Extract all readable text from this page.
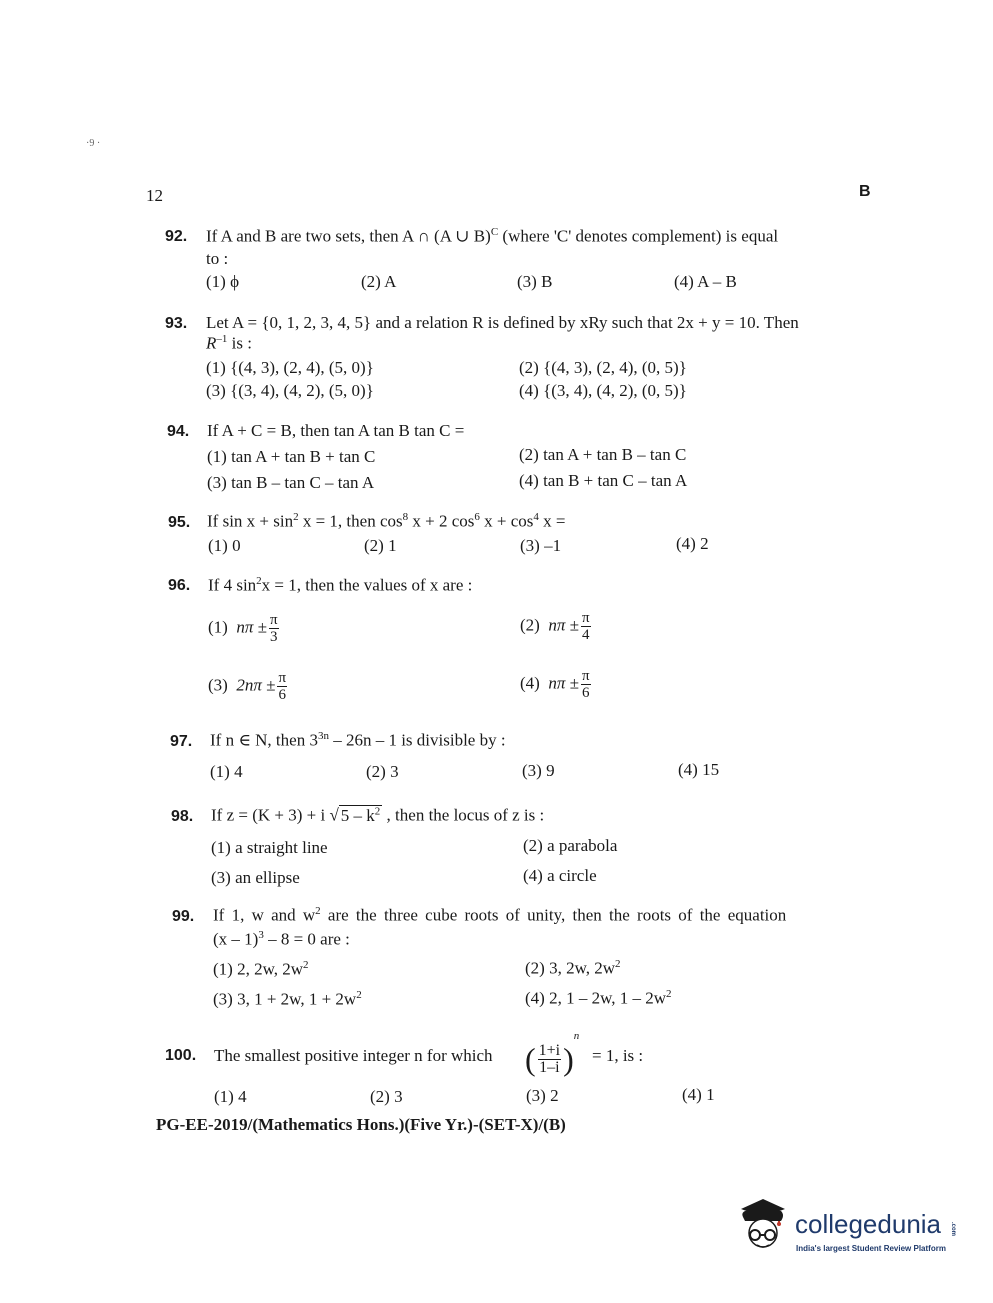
·9 ·
12	B
92. If A and B are two sets, then A ∩ (A ∪ B)$^C$ (where 'C' denotes complement) is equal
to :
(1) ϕ	(2) A	(3) B	(4) A – B
93. Let A = {0, 1, 2, 3, 4, 5} and a relation R is defined by xRy such that 2x + y = 10. Then
$R^{-1}$ is :
(1) {(4, 3), (2, 4), (5, 0)}	(2) {(4, 3), (2, 4), (0, 5)}
(3) {(3, 4), (4, 2), (5, 0)}	(4) {(3, 4), (4, 2), (0, 5)}
94. If A + C = B, then tan A tan B tan C =
(1) tan A + tan B + tan C	(2) tan A + tan B – tan C
(3) tan B – tan C – tan A	(4) tan B + tan C – tan A
95. If $\sin x + \sin^2 x = 1$, then $\cos^8 x + 2$ $\cos^6 x + \cos^4 x$ =
(1) 0	(2) 1	(3) –1	(4) 2
96. If 4 $\sin^2x = 1$, then the values of x are :
(1) $n\pi \pm \frac{\pi}{3}$	(2) $n\pi \pm \frac{\pi}{4}$
(3) $2n\pi \pm \frac{\pi}{6}$	(4) $n\pi \pm \frac{\pi}{6}$
97. If n ∈ N, then $3^{3n} - 26n - 1$ is divisible by :
(1) 4	(2) 3	(3) 9	(4) 15
98. If z = (K + 3) + i √ $5 - k^2$ , then the locus of z is :
(1) a straight line	(2) a parabola
(3) an ellipse	(4) a circle
99. If 1, w and $w^2$ are the three cube roots of unity, then the roots of the equation
(x – 1)$^3$ – 8 = 0 are :
(1) 2, 2w, $2w^2$	(2) 3, 2w, $2w^2$
(3) 3, 1 + 2w, $1 + 2w^2$	(4) 2, 1 – 2w, $1 - 2w^2$
100. The smallest positive integer n for which ( $\frac{1+i}{1-i} )^n$
= 1, is :
(1) 4	(2) 3	(3) 2	(4) 1
PG-EE-2019/(Mathematics Hons.)(Five Yr.)-(SET-X)/(B)
collegedunia .com
India's largest Student Review Platform
